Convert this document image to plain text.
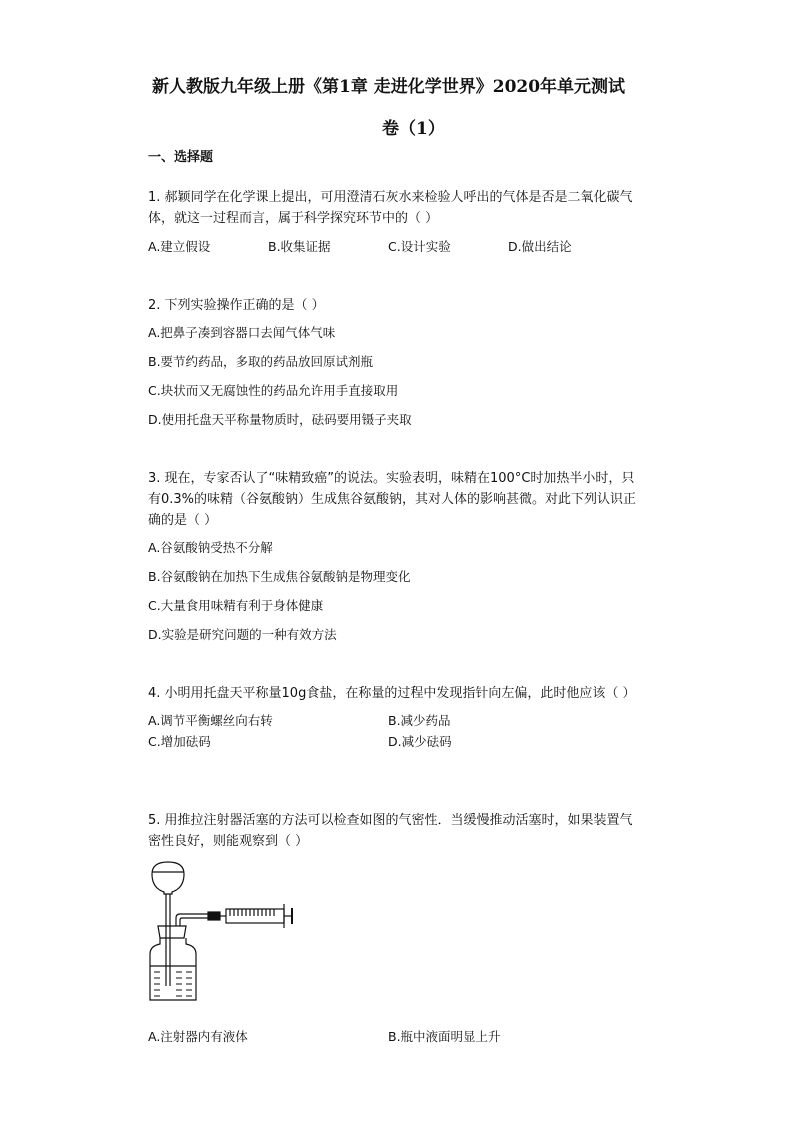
新人教版九年级上册《第1章 走进化学世界》2020年单元测试
卷（1）
一、选择题
1. 郝颖同学在化学课上提出，可用澄清石灰水来检验人呼出的气体是否是二氧化碳气
体，就这一过程而言，属于科学探究环节中的（ ）
A.建立假设	B.收集证据	C.设计实验	D.做出结论
2. 下列实验操作正确的是（ ）
A.把鼻子凑到容器口去闻气体气味
B.要节约药品，多取的药品放回原试剂瓶
C.块状而又无腐蚀性的药品允许用手直接取用
D.使用托盘天平称量物质时，砝码要用镊子夹取
3. 现在，专家否认了“味精致癌”的说法。实验表明，味精在100°C时加热半小时，只
有0.3%的味精（谷氨酸钠）生成焦谷氨酸钠，其对人体的影响甚微。对此下列认识正
确的是（ ）
A.谷氨酸钠受热不分解
B.谷氨酸钠在加热下生成焦谷氨酸钠是物理变化
C.大量食用味精有利于身体健康
D.实验是研究问题的一种有效方法
4. 小明用托盘天平称量10g食盐，在称量的过程中发现指针向左偏，此时他应该（ ）
A.调节平衡螺丝向右转	B.减少药品
C.增加砝码	D.减少砝码
5. 用推拉注射器活塞的方法可以检查如图的气密性．当缓慢推动活塞时，如果装置气
密性良好，则能观察到（ ）
A.注射器内有液体	B.瓶中液面明显上升
